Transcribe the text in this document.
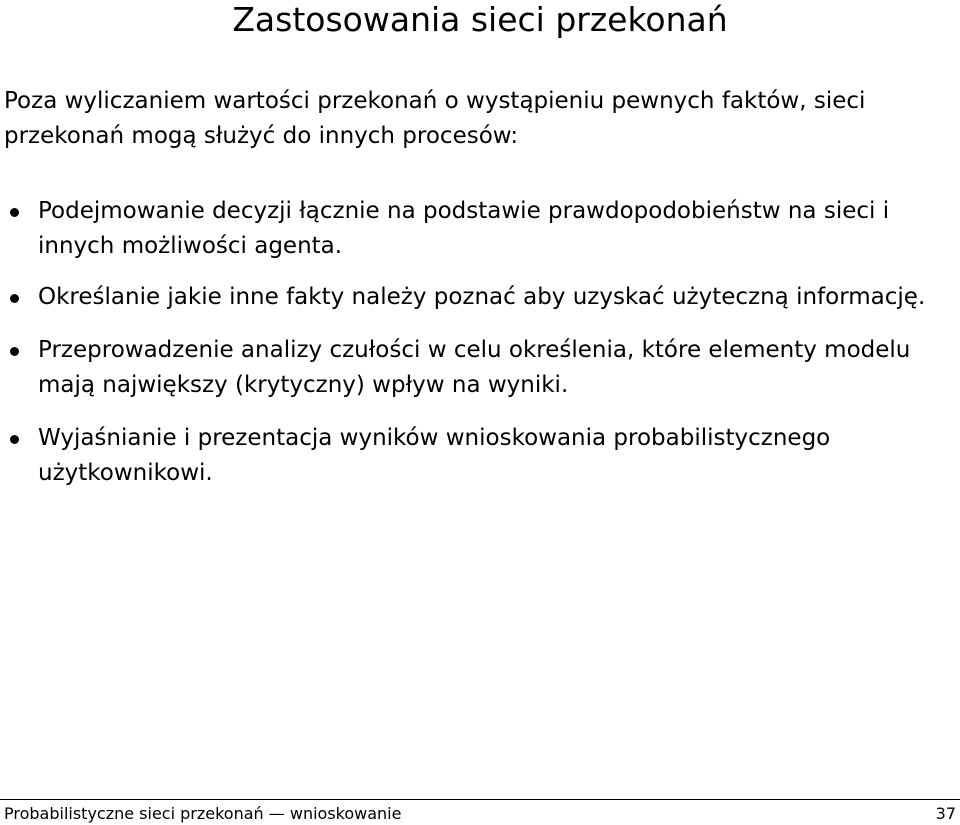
Zastosowania sieci przekonań

Poza wyliczaniem wartości przekonań o wystąpieniu pewnych faktów, sieci przekonań mogą służyć do innych procesów:

Podejmowanie decyzji łącznie na podstawie prawdopodobieństw na sieci i innych możliwości agenta.
Określanie jakie inne fakty należy poznać aby uzyskać użyteczną informację.
Przeprowadzenie analizy czułości w celu określenia, które elementy modelu mają największy (krytyczny) wpływ na wyniki.
Wyjaśnianie i prezentacja wyników wnioskowania probabilistycznego użytkownikowi.
Probabilistyczne sieci przekonań — wnioskowanie	37
